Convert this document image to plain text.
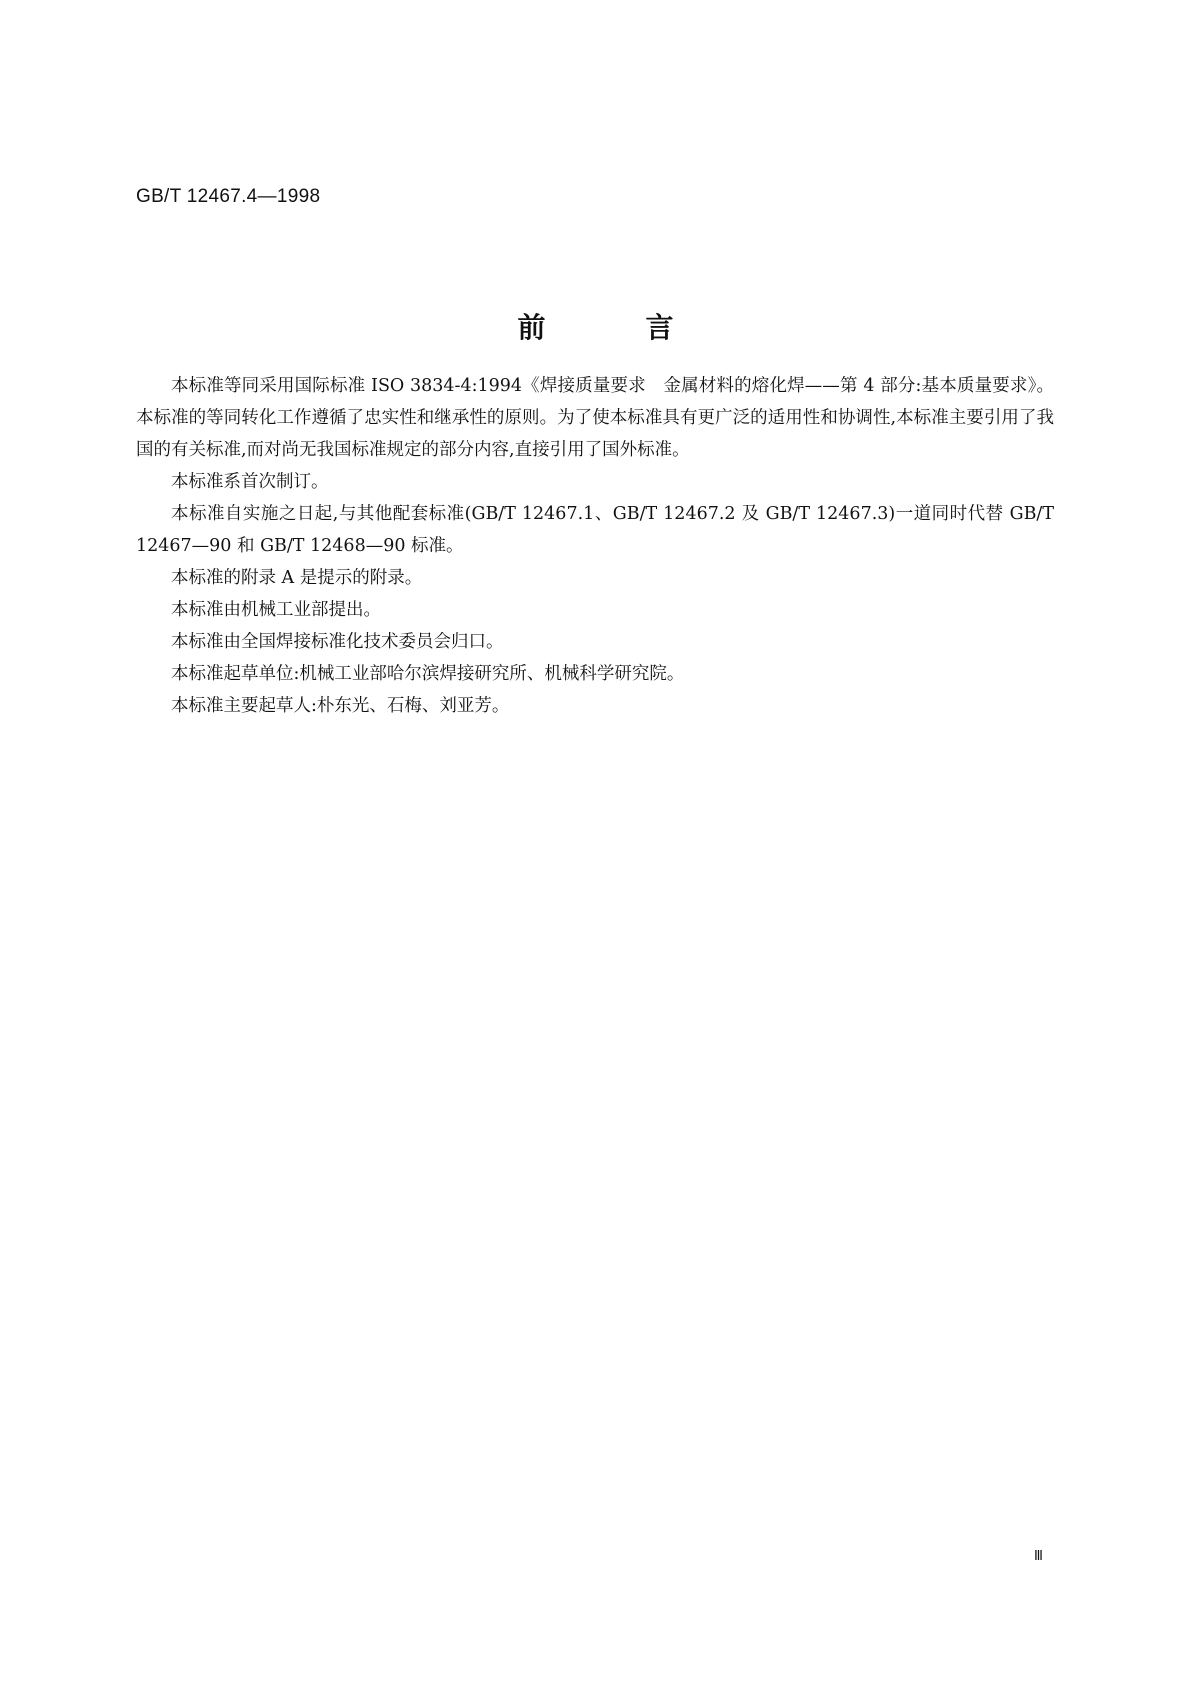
GB/T 12467.4—1998
前言

本标准等同采用国际标准 ISO 3834-4:1994《焊接质量要求　金属材料的熔化焊——第 4 部分:基本质量要求》。本标准的等同转化工作遵循了忠实性和继承性的原则。为了使本标准具有更广泛的适用性和协调性,本标准主要引用了我国的有关标准,而对尚无我国标准规定的部分内容,直接引用了国外标准。

本标准系首次制订。

本标准自实施之日起,与其他配套标准(GB/T 12467.1、GB/T 12467.2 及 GB/T 12467.3)一道同时代替 GB/T 12467—90 和 GB/T 12468—90 标准。

本标准的附录 A 是提示的附录。

本标准由机械工业部提出。

本标准由全国焊接标准化技术委员会归口。

本标准起草单位:机械工业部哈尔滨焊接研究所、机械科学研究院。

本标准主要起草人:朴东光、石梅、刘亚芳。

Ⅲ
